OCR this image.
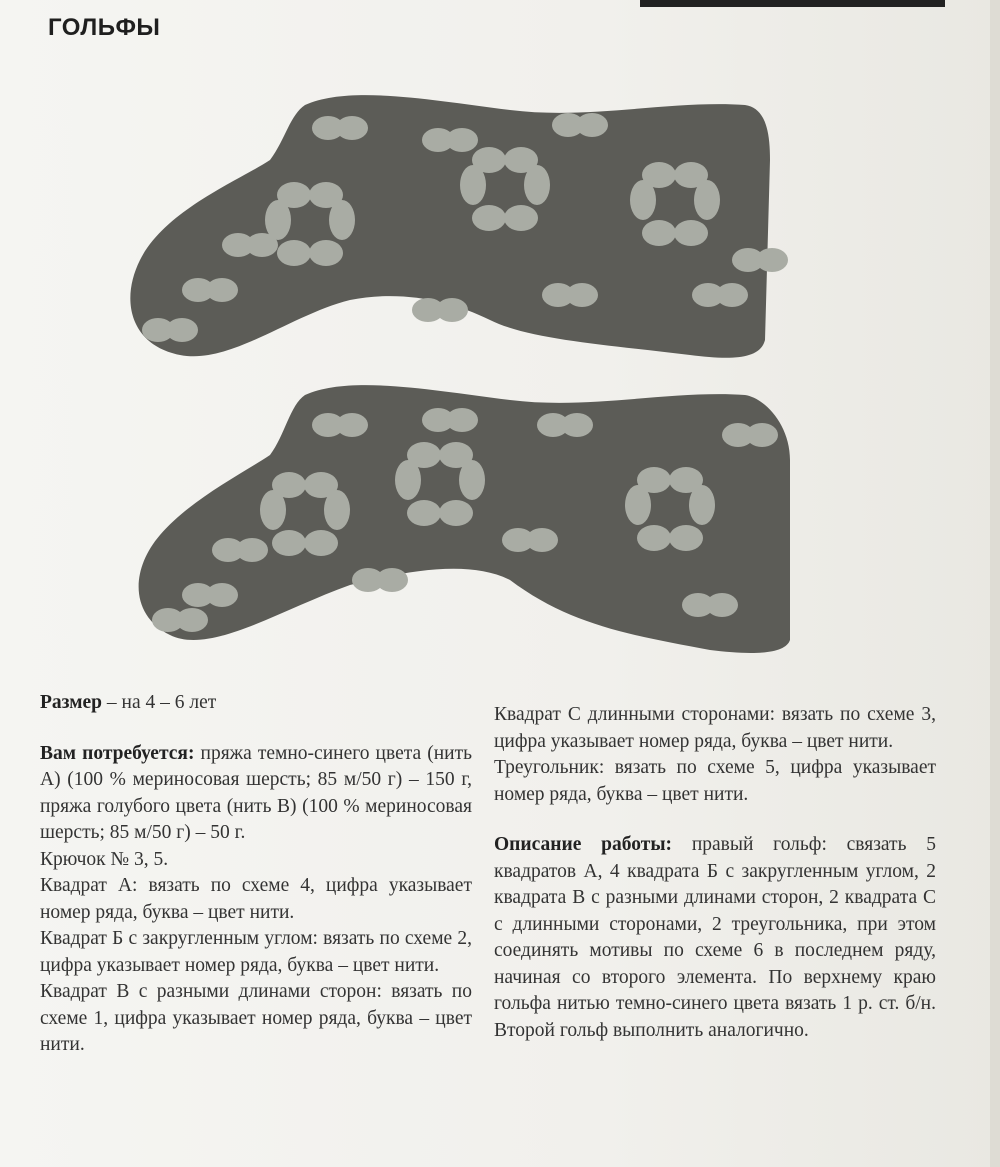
ГОЛЬФЫ

Размер – на 4 – 6 лет

Вам потребуется: пряжа темно-синего цвета (нить А) (100 % мериносовая шерсть; 85 м/50 г) – 150 г, пряжа голубого цвета (нить В) (100 % мериносовая шерсть; 85 м/50 г) – 50 г.

Крючок № 3, 5.

Квадрат А: вязать по схеме 4, цифра указывает номер ряда, буква – цвет нити.

Квадрат Б с закругленным углом: вязать по схеме 2, цифра указывает номер ряда, буква – цвет нити.

Квадрат В с разными длинами сторон: вязать по схеме 1, цифра указывает номер ряда, буква – цвет нити.

Квадрат С длинными сторонами: вязать по схеме 3, цифра указывает номер ряда, буква – цвет нити.

Треугольник: вязать по схеме 5, цифра указывает номер ряда, буква – цвет нити.

Описание работы: правый гольф: связать 5 квадратов А, 4 квадрата Б с закругленным углом, 2 квадрата В с разными длинами сторон, 2 квадрата С с длинными сторонами, 2 треугольника, при этом соединять мотивы по схеме 6 в последнем ряду, начиная со второго элемента. По верхнему краю гольфа нитью темно-синего цвета вязать 1 р. ст. б/н. Второй гольф выполнить аналогично.
